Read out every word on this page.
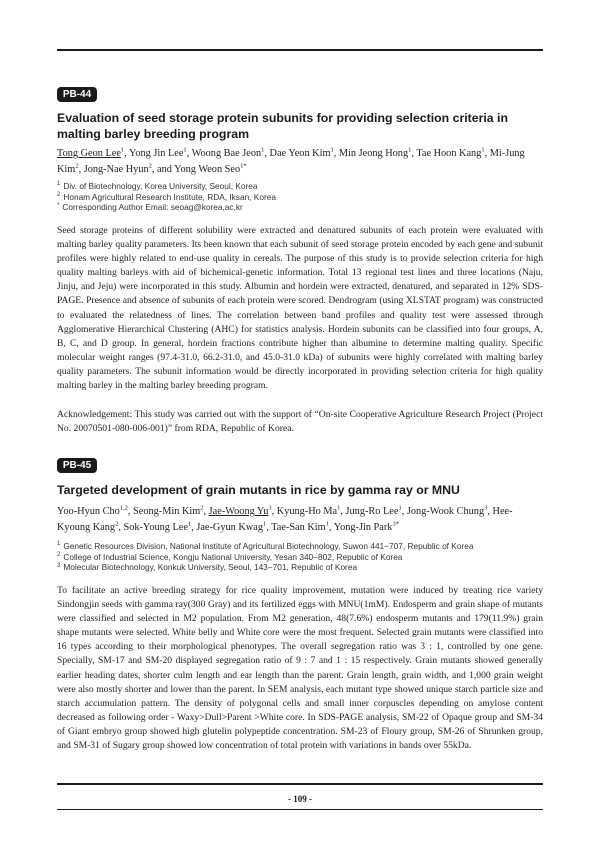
PB-44
Evaluation of seed storage protein subunits for providing selection criteria in malting barley breeding program

Tong Geon Lee$^1$, Yong Jin Lee$^1$, Woong Bae Jeon$^1$, Dae Yeon Kim$^1$, Min Jeong Hong$^1$, Tae Hoon Kang$^1$, Mi-Jung Kim$^2$, Jong-Nae Hyun$^2$, and Yong Weon Seo$^{1*}$

$^1$ Div. of Biotechnology, Korea University, Seoul, Korea
$^2$ Honam Agricultural Research Institute, RDA, Iksan, Korea
* Corresponding Author Email: seoag@korea,ac,kr

Seed storage proteins of different solubility were extracted and denatured subunits of each protein were evaluated with malting barley quality parameters. Its been known that each subunit of seed storage protein encoded by each gene and subunit profiles were highly related to end-use quality in cereals. The purpose of this study is to provide selection criteria for high quality malting barleys with aid of bichemical-genetic information. Total 13 regional test lines and three locations (Naju, Jinju, and Jeju) were incorporated in this study. Albumin and hordein were extracted, denatured, and separated in 12% SDS-PAGE. Presence and absence of subunits of each protein were scored. Dendrogram (using XLSTAT program) was constructed to evaluated the relatedness of lines. The correlation between band profiles and quality test were assessed through Agglomerative Hierarchical Clustering (AHC) for statistics analysis. Hordein subunits can be classified into four groups, A, B, C, and D group. In general, hordein fractions contribute higher than albumine to determine malting quality. Specific molecular weight ranges (97.4-31.0, 66.2-31.0, and 45.0-31.0 kDa) of subunits were highly correlated with malting barley quality parameters. The subunit information would be directly incorporated in providing selection criteria for high quality malting barley in the malting barley breeding program.

Acknowledgement: This study was carried out with the support of “On-site Cooperative Agriculture Research Project (Project No. 20070501-080-006-001)” from RDA, Republic of Korea.

PB-45
Targeted development of grain mutants in rice by gamma ray or MNU

Yoo-Hyun Cho$^{1,2}$, Seong-Min Kim$^2$, Jae-Woong Yu$^3$, Kyung-Ho Ma$^1$, Jung-Ro Lee$^1$, Jong-Wook Chung$^3$, Hee-Kyoung Kang$^2$, Sok-Young Lee$^1$, Jae-Gyun Kwag$^1$, Tae-San Kim$^1$, Yong-Jin Park$^{3*}$

$^1$ Genetic Resources Division, National Institute of Agricultural Biotechnology, Suwon 441−707, Republic of Korea
$^2$ College of Industrial Science, Kongju National University, Yesan 340−802, Republic of Korea
$^3$ Molecular Biotechnology, Konkuk University, Seoul, 143−701, Republic of Korea

To facilitate an active breeding strategy for rice quality improvement, mutation were induced by treating rice variety Sindongjin seeds with gamma ray(300 Gray) and its fertilized eggs with MNU(1mM). Endosperm and grain shape of mutants were classified and selected in M2 population. From M2 generation, 48(7.6%) endosperm mutants and 179(11.9%) grain shape mutants were selected. White belly and White core were the most frequent. Selected grain mutants were classified into 16 types according to their morphological phenotypes. The overall segregation ratio was 3 : 1, controlled by one gene. Specially, SM-17 and SM-20 displayed segregation ratio of 9 : 7 and 1 : 15 respectively. Grain mutants showed generally earlier heading dates, shorter culm length and ear length than the parent. Grain length, grain width, and 1,000 grain weight were also mostly shorter and lower than the parent. In SEM analysis, each mutant type showed unique starch particle size and starch accumulation pattern. The density of polygonal cells and small inner corpuscles depending on amylose content decreased as following order - Waxy>Dull>Parent >White core. In SDS-PAGE analysis, SM-22 of Opaque group and SM-34 of Giant embryo group showed high glutelin polypeptide concentration. SM-23 of Floury group, SM-26 of Shrunken group, and SM-31 of Sugary group showed low concentration of total protein with variations in bands over 55kDa.

- 109 -
